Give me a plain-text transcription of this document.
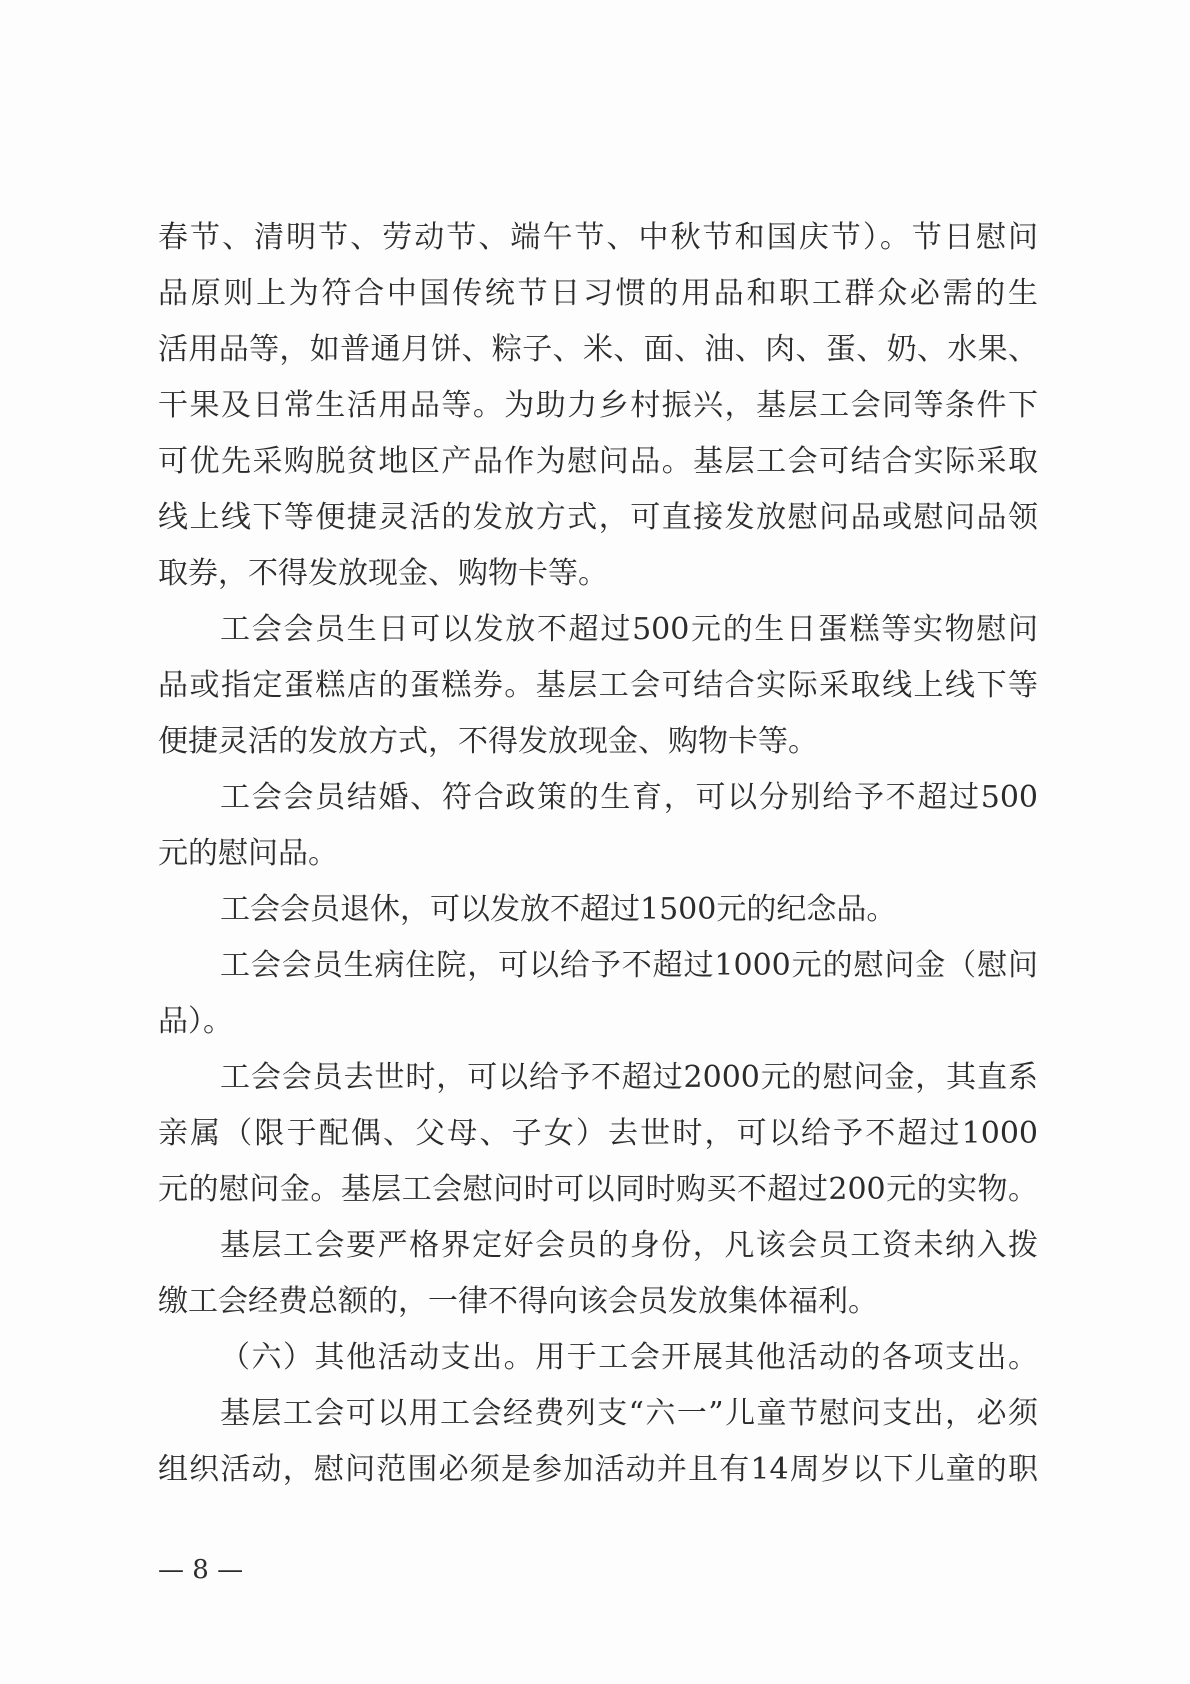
春节、清明节、劳动节、端午节、中秋节和国庆节）。节日慰问
品原则上为符合中国传统节日习惯的用品和职工群众必需的生
活用品等，如普通月饼、粽子、米、面、油、肉、蛋、奶、水果、
干果及日常生活用品等。为助力乡村振兴，基层工会同等条件下
可优先采购脱贫地区产品作为慰问品。基层工会可结合实际采取
线上线下等便捷灵活的发放方式，可直接发放慰问品或慰问品领
取券，不得发放现金、购物卡等。
工会会员生日可以发放不超过500元的生日蛋糕等实物慰问
品或指定蛋糕店的蛋糕券。基层工会可结合实际采取线上线下等
便捷灵活的发放方式，不得发放现金、购物卡等。
工会会员结婚、符合政策的生育，可以分别给予不超过500
元的慰问品。
工会会员退休，可以发放不超过1500元的纪念品。
工会会员生病住院，可以给予不超过1000元的慰问金（慰问
品）。
工会会员去世时，可以给予不超过2000元的慰问金，其直系
亲属（限于配偶、父母、子女）去世时，可以给予不超过1000
元的慰问金。基层工会慰问时可以同时购买不超过200元的实物。
基层工会要严格界定好会员的身份，凡该会员工资未纳入拨
缴工会经费总额的，一律不得向该会员发放集体福利。
（六）其他活动支出。用于工会开展其他活动的各项支出。
基层工会可以用工会经费列支“六一”儿童节慰问支出，必须
组织活动，慰问范围必须是参加活动并且有14周岁以下儿童的职
— 8 —
